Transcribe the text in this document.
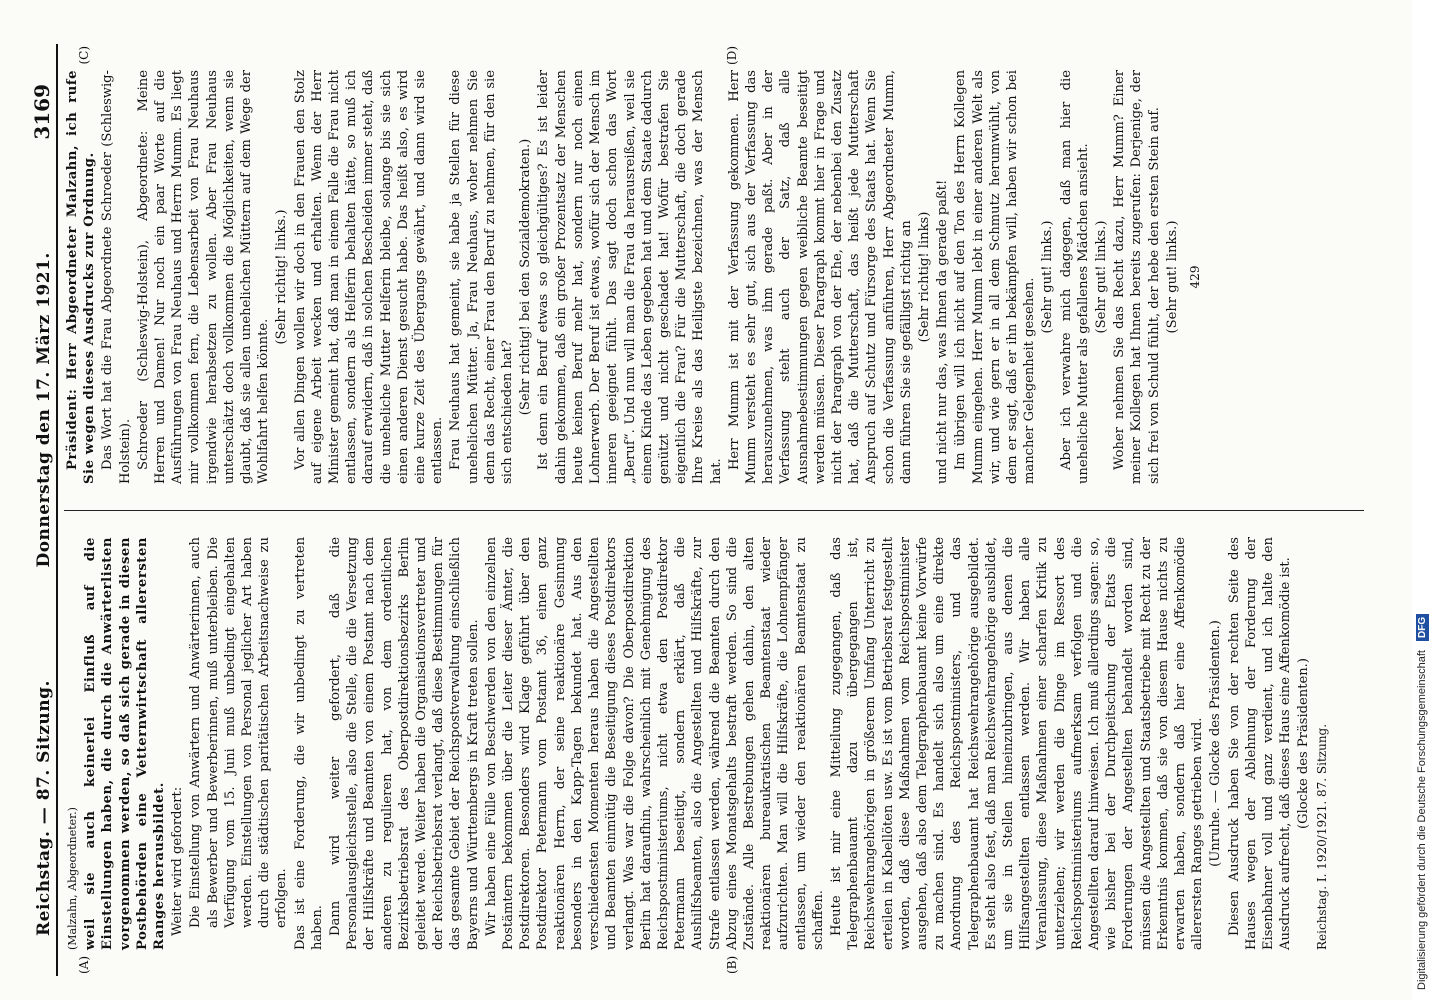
Reichstag. — 87. Sitzung.
Donnerstag den 17. März 1921.
3169
(A)	(B)

(Malzahn, Abgeordneter.) weil sie auch keinerlei Einfluß auf die Einstellungen haben, die durch die Anwärterlisten vorgenommen werden, so daß sich gerade in diesen Postbehörden eine Vetternwirtschaft allerersten Ranges herausbildet. Weiter wird gefordert: Die Einstellung von Anwärtern und Anwärterinnen, auch als Bewerber und Bewerberinnen, muß unterbleiben. Die Verfügung vom 15. Juni muß unbedingt eingehalten werden. Einstellungen von Personal jeglicher Art haben durch die städtischen paritätischen Arbeitsnachweise zu erfolgen. Das ist eine Forderung, die wir unbedingt zu vertreten haben. Dann wird weiter gefordert, daß die Personalausgleichsstelle, also die Stelle, die die Versetzung der Hilfskräfte und Beamten von einem Postamt nach dem anderen zu regulieren hat, von dem ordentlichen Bezirksbetriebsrat des Oberpostdirektionsbezirks Berlin geleitet werde. Weiter haben die Organisationsvertreter und der Reichsbetriebsrat verlangt, daß diese Bestimmungen für das gesamte Gebiet der Reichspostverwaltung einschließlich Bayerns und Württembergs in Kraft treten sollen. Wir haben eine Fülle von Beschwerden von den einzelnen Postämtern bekommen über die Leiter dieser Ämter, die Postdirektoren. Besonders wird Klage geführt über den Postdirektor Petermann vom Postamt 36, einen ganz reaktionären Herrn, der seine reaktionäre Gesinnung besonders in den Kapp-Tagen bekundet hat. Aus den verschiedensten Momenten heraus haben die Angestellten und Beamten einmütig die Beseitigung dieses Postdirektors verlangt. Was war die Folge davon? Die Oberpostdirektion Berlin hat daraufhin, wahrscheinlich mit Genehmigung des Reichspostministeriums, nicht etwa den Postdirektor Petermann beseitigt, sondern erklärt, daß die Aushilfsbeamten, also die Angestellten und Hilfskräfte, zur Strafe entlassen werden, während die Beamten durch den Abzug eines Monatsgehalts bestraft werden. So sind die Zustände. Alle Bestrebungen gehen dahin, den alten reaktionären bureaukratischen Beamtenstaat wieder aufzurichten. Man will die Hilfskräfte, die Lohnempfänger entlassen, um wieder den reaktionären Beamtenstaat zu schaffen. Heute ist mir eine Mitteilung zugegangen, daß das Telegraphenbauamt dazu übergegangen ist, Reichswehrangehörigen in größerem Umfang Unterricht zu erteilen in Kabellöten usw. Es ist vom Betriebsrat festgestellt worden, daß diese Maßnahmen vom Reichspostminister ausgehen, daß also dem Telegraphenbauamt keine Vorwürfe zu machen sind. Es handelt sich also um eine direkte Anordnung des Reichspostministers, und das Telegraphenbauamt hat Reichswehrangehörige ausgebildet. Es steht also fest, daß man Reichswehrangehörige ausbildet, um sie in Stellen hineinzubringen, aus denen die Hilfsangestellten entlassen werden. Wir haben alle Veranlassung, diese Maßnahmen einer scharfen Kritik zu unterziehen; wir werden die Dinge im Ressort des Reichspostministeriums aufmerksam verfolgen und die Angestellten darauf hinweisen. Ich muß allerdings sagen: so, wie bisher bei der Durchpeitschung der Etats die Forderungen der Angestellten behandelt worden sind, müssen die Angestellten und Staatsbetriebe mit Recht zu der Erkenntnis kommen, daß sie von diesem Hause nichts zu erwarten haben, sondern daß hier eine Affenkomödie allerersten Ranges getrieben wird. (Unruhe. — Glocke des Präsidenten.) Diesen Ausdruck haben Sie von der rechten Seite des Hauses wegen der Ablehnung der Forderung der Eisenbahner voll und ganz verdient, und ich halte den Ausdruck aufrecht, daß dieses Haus eine Affenkomödie ist. (Glocke des Präsidenten.) Reichstag. I. 1920/1921. 87. Sitzung.

(C)	(D)

Präsident: Herr Abgeordneter Malzahn, ich rufe Sie wegen dieses Ausdrucks zur Ordnung. Das Wort hat die Frau Abgeordnete Schroeder (Schleswig-Holstein). Schroeder (Schleswig-Holstein), Abgeordnete: Meine Herren und Damen! Nur noch ein paar Worte auf die Ausführungen von Frau Neuhaus und Herrn Mumm. Es liegt mir vollkommen fern, die Lebensarbeit von Frau Neuhaus irgendwie herabsetzen zu wollen. Aber Frau Neuhaus unterschätzt doch vollkommen die Möglichkeiten, wenn sie glaubt, daß sie allen unehelichen Müttern auf dem Wege der Wohlfahrt helfen könnte.

(Sehr richtig! links.) Vor allen Dingen wollen wir doch in den Frauen den Stolz auf eigene Arbeit wecken und erhalten. Wenn der Herr Minister gemeint hat, daß man in einem Falle die Frau nicht entlassen, sondern als Helferin behalten hätte, so muß ich darauf erwidern, daß in solchen Bescheiden immer steht, daß die uneheliche Mutter Helferin bleibe, solange bis sie sich einen anderen Dienst gesucht habe. Das heißt also, es wird eine kurze Zeit des Übergangs gewährt, und dann wird sie entlassen. Frau Neuhaus hat gemeint, sie habe ja Stellen für diese unehelichen Mütter. Ja, Frau Neuhaus, woher nehmen Sie denn das Recht, einer Frau den Beruf zu nehmen, für den sie sich entschieden hat? (Sehr richtig! bei den Sozialdemokraten.) Ist denn ein Beruf etwas so gleichgültiges? Es ist leider dahin gekommen, daß ein großer Prozentsatz der Menschen heute keinen Beruf mehr hat, sondern nur noch einen Lohnerwerb. Der Beruf ist etwas, wofür sich der Mensch im inneren geeignet fühlt. Das sagt doch schon das Wort „Beruf“. Und nun will man die Frau da herausreißen, weil sie einem Kinde das Leben gegeben hat und dem Staate dadurch genützt und nicht geschadet hat! Wofür bestrafen Sie eigentlich die Frau? Für die Mutterschaft, die doch gerade Ihre Kreise als das Heiligste bezeichnen, was der Mensch hat.

Herr Mumm ist mit der Verfassung gekommen. Herr Mumm versteht es sehr gut, sich aus der Verfassung das herauszunehmen, was ihm gerade paßt. Aber in der Verfassung steht auch der Satz, daß alle Ausnahmebestimmungen gegen weibliche Beamte beseitigt werden müssen. Dieser Paragraph kommt hier in Frage und nicht der Paragraph von der Ehe, der nebenbei den Zusatz hat, daß die Mutterschaft, das heißt jede Mutterschaft Anspruch auf Schutz und Fürsorge des Staats hat. Wenn Sie schon die Verfassung anführen, Herr Abgeordneter Mumm, dann führen Sie sie gefälligst richtig an (Sehr richtig! links) und nicht nur das, was Ihnen da gerade paßt! Im übrigen will ich nicht auf den Ton des Herrn Kollegen Mumm eingehen. Herr Mumm lebt in einer anderen Welt als wir, und wie gern er in all dem Schmutz herumwühlt, von dem er sagt, daß er ihn bekämpfen will, haben wir schon bei mancher Gelegenheit gesehen.

(Sehr gut! links.) Aber ich verwahre mich dagegen, daß man hier die uneheliche Mutter als gefallenes Mädchen ansieht. (Sehr gut! links.) Woher nehmen Sie das Recht dazu, Herr Mumm? Einer meiner Kollegen hat Ihnen bereits zugerufen: Derjenige, der sich frei von Schuld fühlt, der hebe den ersten Stein auf. (Sehr gut! links.) 429

Digitalisierung gefördert durch die Deutsche Forschungsgemeinschaft DFG
